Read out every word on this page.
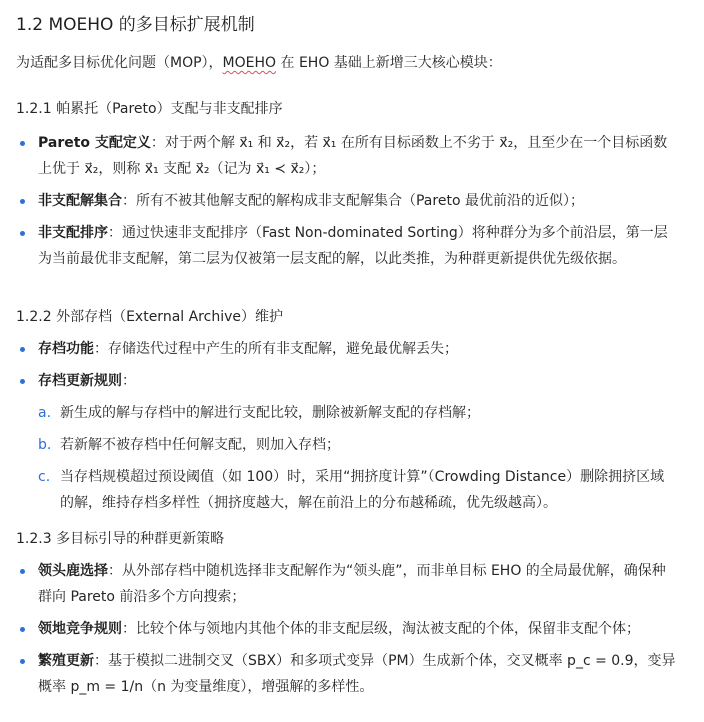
1.2 MOEHO 的多目标扩展机制

为适配多目标优化问题（MOP），MOEHO 在 EHO 基础上新增三大核心模块：

1.2.1 帕累托（Pareto）支配与非支配排序
Pareto 支配定义：对于两个解 x⃗₁ 和 x⃗₂，若 x⃗₁ 在所有目标函数上不劣于 x⃗₂，且至少在一个目标函数上优于 x⃗₂，则称 x⃗₁ 支配 x⃗₂（记为 x⃗₁ ≺ x⃗₂）；
非支配解集合：所有不被其他解支配的解构成非支配解集合（Pareto 最优前沿的近似）；
非支配排序：通过快速非支配排序（Fast Non-dominated Sorting）将种群分为多个前沿层，第一层为当前最优非支配解，第二层为仅被第一层支配的解，以此类推，为种群更新提供优先级依据。
1.2.2 外部存档（External Archive）维护
存档功能：存储迭代过程中产生的所有非支配解，避免最优解丢失；
存档更新规则：
a. 新生成的解与存档中的解进行支配比较，删除被新解支配的存档解；
b. 若新解不被存档中任何解支配，则加入存档；
c. 当存档规模超过预设阈值（如 100）时，采用“拥挤度计算”（Crowding Distance）删除拥挤区域的解，维持存档多样性（拥挤度越大，解在前沿上的分布越稀疏，优先级越高）。
1.2.3 多目标引导的种群更新策略
领头鹿选择：从外部存档中随机选择非支配解作为“领头鹿”，而非单目标 EHO 的全局最优解，确保种群向 Pareto 前沿多个方向搜索；
领地竞争规则：比较个体与领地内其他个体的非支配层级，淘汰被支配的个体，保留非支配个体；
繁殖更新：基于模拟二进制交叉（SBX）和多项式变异（PM）生成新个体，交叉概率 p_c = 0.9，变异概率 p_m = 1/n（n 为变量维度），增强解的多样性。
